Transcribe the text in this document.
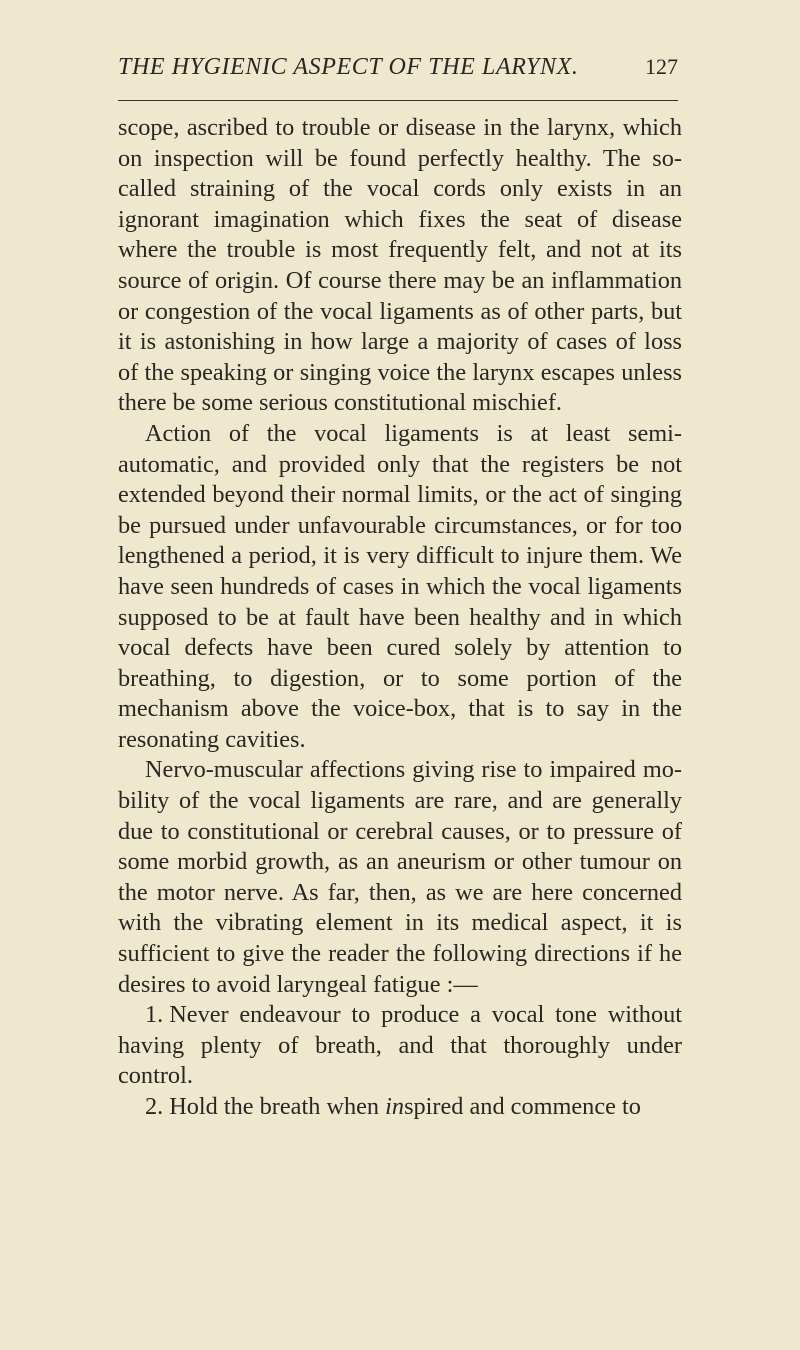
THE HYGIENIC ASPECT OF THE LARYNX.	127

scope, ascribed to trouble or disease in the larynx, which on inspection will be found perfectly healthy. The so-called straining of the vocal cords only exists in an ignorant imagination which fixes the seat of disease where the trouble is most frequently felt, and not at its source of origin. Of course there may be an inflammation or congestion of the vocal ligaments as of other parts, but it is astonishing in how large a majority of cases of loss of the speaking or singing voice the larynx escapes unless there be some serious constitutional mischief.

Action of the vocal ligaments is at least semi-automatic, and provided only that the registers be not extended beyond their normal limits, or the act of singing be pursued under unfavourable circumstances, or for too lengthened a period, it is very difficult to injure them. We have seen hundreds of cases in which the vocal ligaments supposed to be at fault have been healthy and in which vocal defects have been cured solely by attention to breathing, to digestion, or to some portion of the mechanism above the voice-box, that is to say in the resonating cavities.

Nervo-muscular affections giving rise to impaired mobility of the vocal ligaments are rare, and are generally due to constitutional or cerebral causes, or to pressure of some morbid growth, as an aneurism or other tumour on the motor nerve. As far, then, as we are here concerned with the vibrating element in its medical aspect, it is sufficient to give the reader the following directions if he desires to avoid laryngeal fatigue :—

1. Never endeavour to produce a vocal tone without having plenty of breath, and that thoroughly under control.

2. Hold the breath when inspired and commence to
